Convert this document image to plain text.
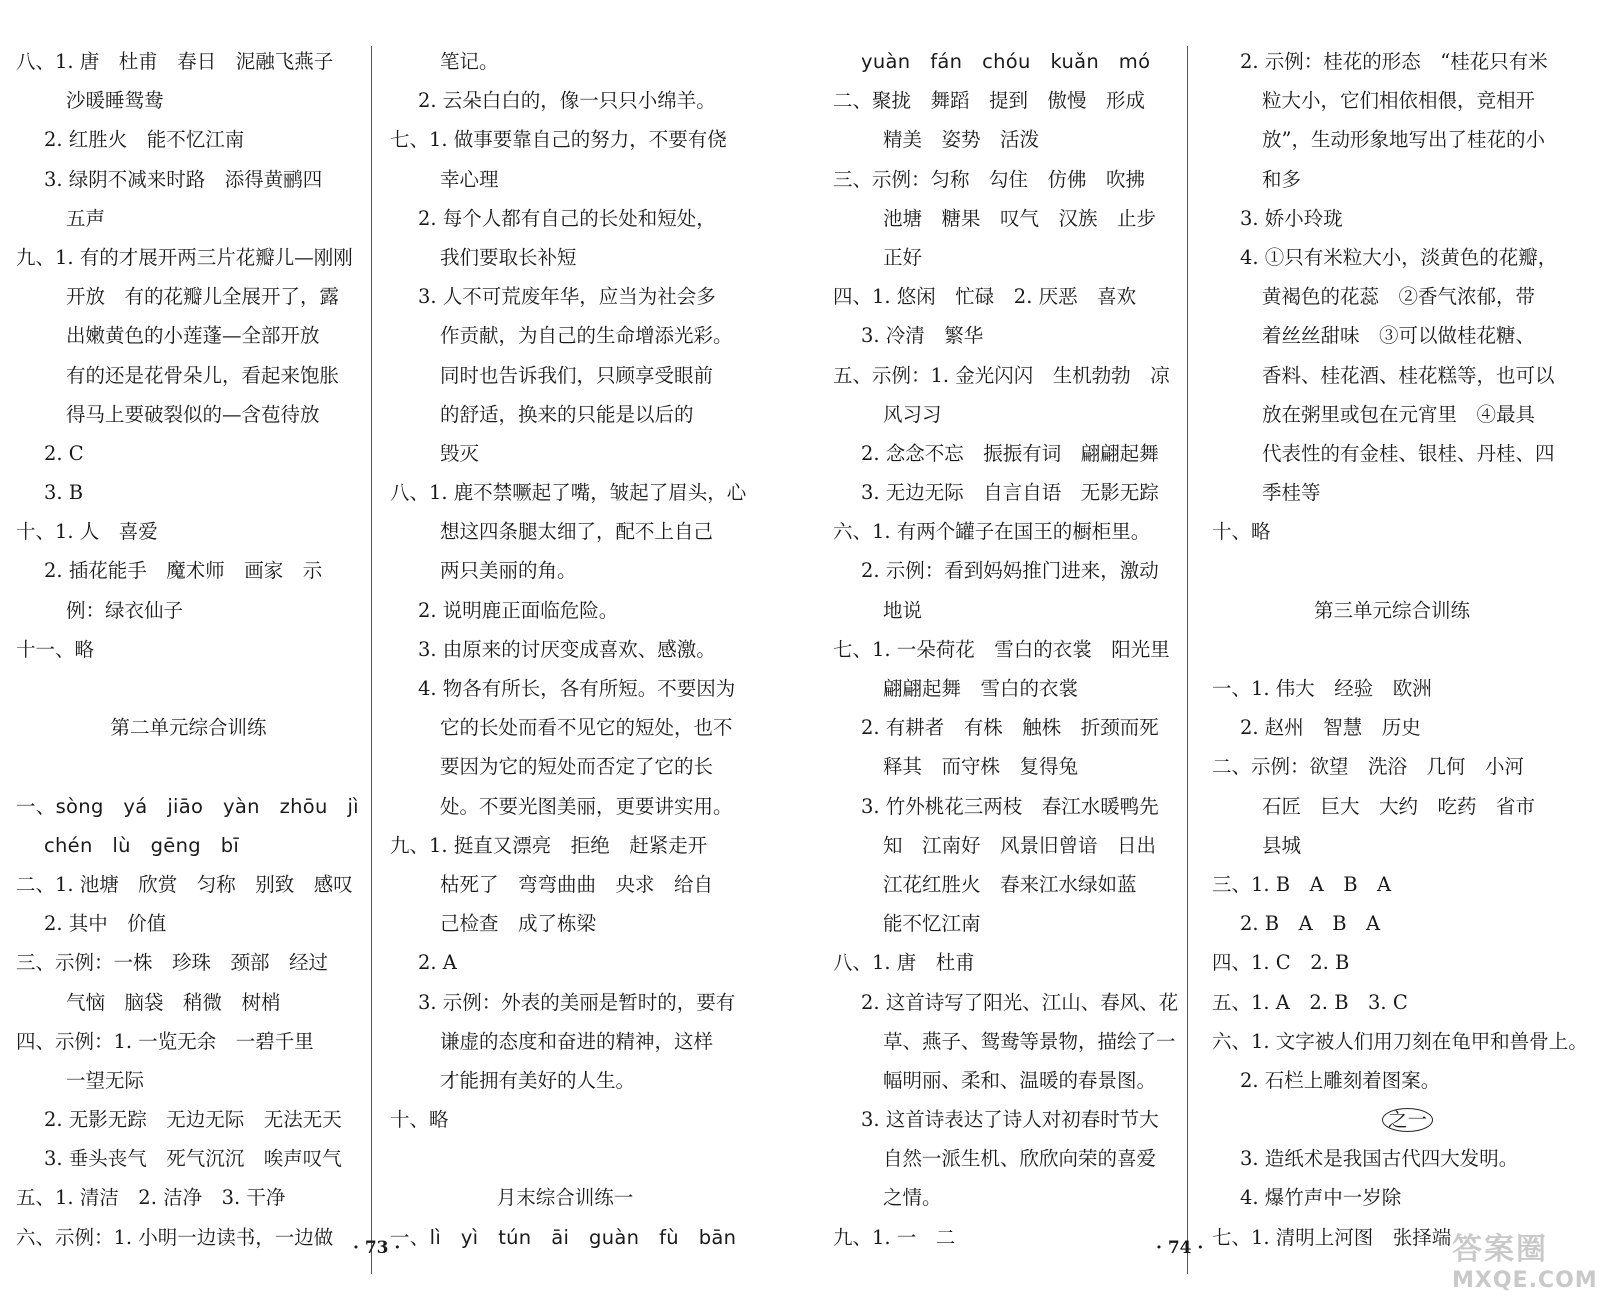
八、1. 唐　杜甫　春日　泥融飞燕子
沙暖睡鸳鸯
2. 红胜火　能不忆江南
3. 绿阴不减来时路　添得黄鹂四
五声
九、1. 有的才展开两三片花瓣儿—刚刚
开放　有的花瓣儿全展开了，露
出嫩黄色的小莲蓬—全部开放
有的还是花骨朵儿，看起来饱胀
得马上要破裂似的—含苞待放
2. C
3. B
十、1. 人　喜爱
2. 插花能手　魔术师　画家　示
例：绿衣仙子
十一、略
第二单元综合训练
一、sòng　yá　jiāo　yàn　zhōu　jì
chén　lù　gēng　bī
二、1. 池塘　欣赏　匀称　别致　感叹
2. 其中　价值
三、示例：一株　珍珠　颈部　经过
气恼　脑袋　稍微　树梢
四、示例：1. 一览无余　一碧千里
一望无际
2. 无影无踪　无边无际　无法无天
3. 垂头丧气　死气沉沉　唉声叹气
五、1. 清洁　2. 洁净　3. 干净
六、示例：1. 小明一边读书，一边做
笔记。
2. 云朵白白的，像一只只小绵羊。
七、1. 做事要靠自己的努力，不要有侥
幸心理
2. 每个人都有自己的长处和短处，
我们要取长补短
3. 人不可荒废年华，应当为社会多
作贡献，为自己的生命增添光彩。
同时也告诉我们，只顾享受眼前
的舒适，换来的只能是以后的
毁灭
八、1. 鹿不禁噘起了嘴，皱起了眉头，心
想这四条腿太细了，配不上自己
两只美丽的角。
2. 说明鹿正面临危险。
3. 由原来的讨厌变成喜欢、感激。
4. 物各有所长，各有所短。不要因为
它的长处而看不见它的短处，也不
要因为它的短处而否定了它的长
处。不要光图美丽，更要讲实用。
九、1. 挺直又漂亮　拒绝　赶紧走开
枯死了　弯弯曲曲　央求　给自
己检查　成了栋梁
2. A
3. 示例：外表的美丽是暂时的，要有
谦虚的态度和奋进的精神，这样
才能拥有美好的人生。
十、略
月末综合训练一
一、lì　yì　tún　āi　guàn　fù　bān
yuàn　fán　chóu　kuǎn　mó
二、聚拢　舞蹈　提到　傲慢　形成
精美　姿势　活泼
三、示例：匀称　勾住　仿佛　吹拂
池塘　糖果　叹气　汉族　止步
正好
四、1. 悠闲　忙碌　2. 厌恶　喜欢
3. 冷清　繁华
五、示例：1. 金光闪闪　生机勃勃　凉
风习习
2. 念念不忘　振振有词　翩翩起舞
3. 无边无际　自言自语　无影无踪
六、1. 有两个罐子在国王的橱柜里。
2. 示例：看到妈妈推门进来，激动
地说
七、1. 一朵荷花　雪白的衣裳　阳光里
翩翩起舞　雪白的衣裳
2. 有耕者　有株　触株　折颈而死
释其　而守株　复得兔
3. 竹外桃花三两枝　春江水暖鸭先
知　江南好　风景旧曾谙　日出
江花红胜火　春来江水绿如蓝
能不忆江南
八、1. 唐　杜甫
2. 这首诗写了阳光、江山、春风、花
草、燕子、鸳鸯等景物，描绘了一
幅明丽、柔和、温暖的春景图。
3. 这首诗表达了诗人对初春时节大
自然一派生机、欣欣向荣的喜爱
之情。
九、1. 一　二
2. 示例：桂花的形态　“桂花只有米
粒大小，它们相依相偎，竞相开
放”，生动形象地写出了桂花的小
和多
3. 娇小玲珑
4. ①只有米粒大小，淡黄色的花瓣，
黄褐色的花蕊　②香气浓郁，带
着丝丝甜味　③可以做桂花糖、
香料、桂花酒、桂花糕等，也可以
放在粥里或包在元宵里　④最具
代表性的有金桂、银桂、丹桂、四
季桂等
十、略
第三单元综合训练
一、1. 伟大　经验　欧洲
2. 赵州　智慧　历史
二、示例：欲望　洗浴　几何　小河
石匠　巨大　大约　吃药　省市
县城
三、1. B　A　B　A
2. B　A　B　A
四、1. C　2. B
五、1. A　2. B　3. C
六、1. 文字被人们用刀刻在龟甲和兽骨上。
2. 石栏上雕刻着图案。
之一
3. 造纸术是我国古代四大发明。
4. 爆竹声中一岁除
七、1. 清明上河图　张择端
· 73 ·	· 74 ·	答案圈
MXQE.COM
